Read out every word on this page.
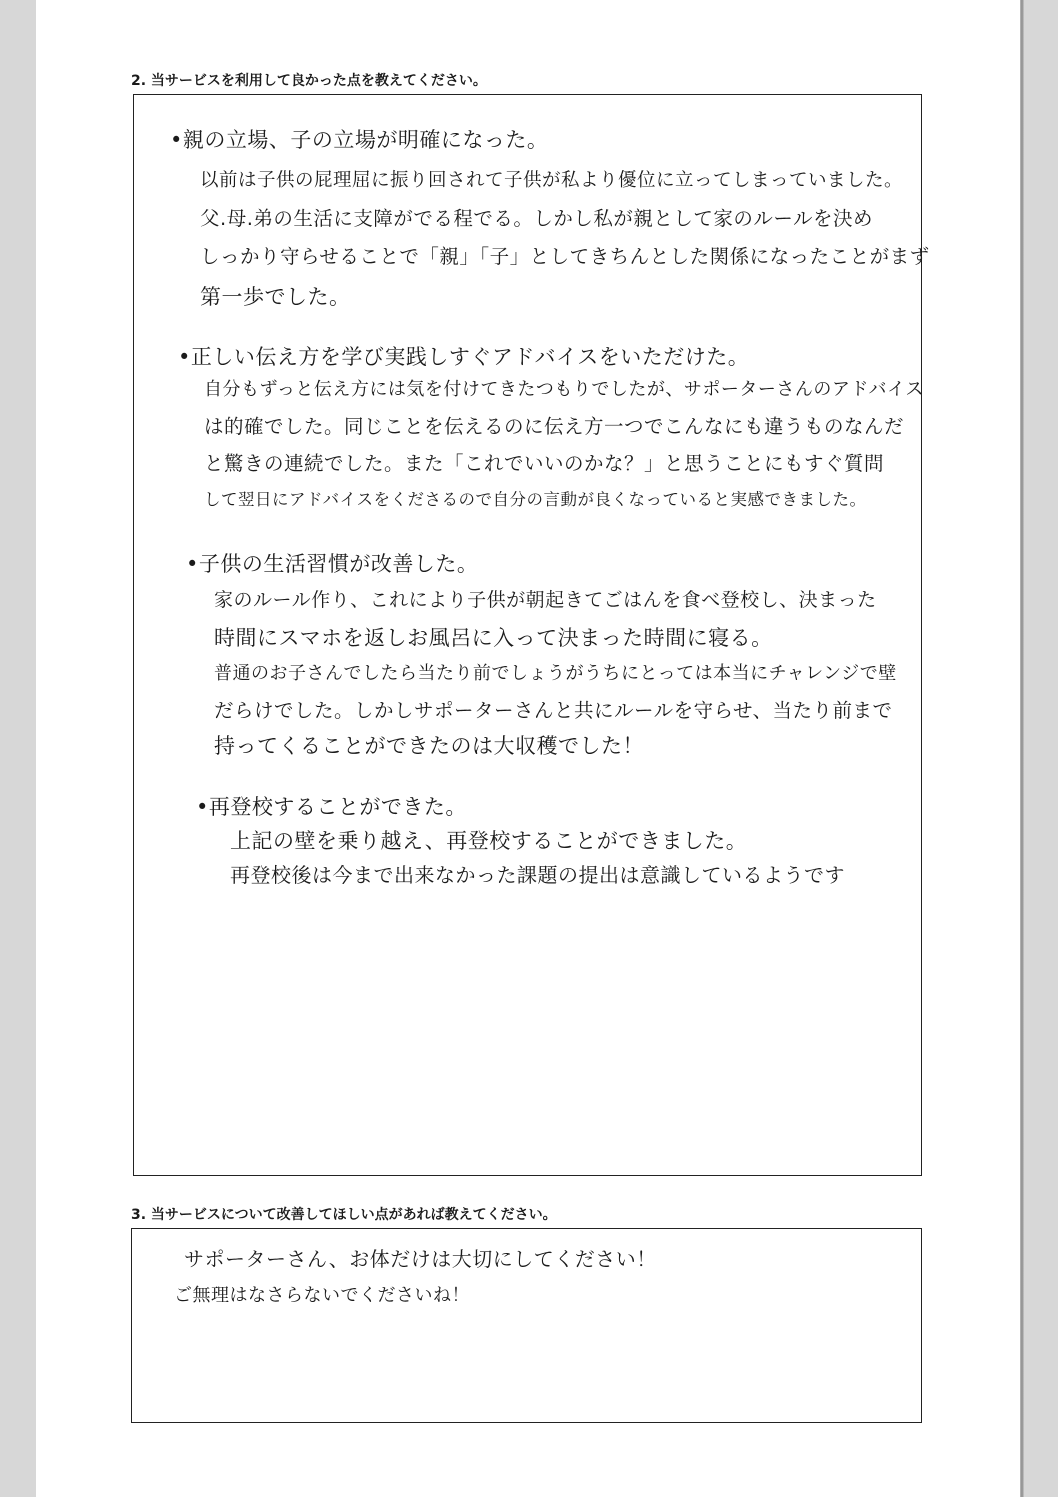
2. 当サービスを利用して良かった点を教えてください。
•親の立場、子の立場が明確になった。
以前は子供の屁理屈に振り回されて子供が私より優位に立ってしまっていました。
父.母.弟の生活に支障がでる程でる。しかし私が親として家のルールを決め
しっかり守らせることで「親」「子」としてきちんとした関係になったことがまず
第一歩でした。
•正しい伝え方を学び実践しすぐアドバイスをいただけた。
自分もずっと伝え方には気を付けてきたつもりでしたが、サポーターさんのアドバイス
は的確でした。同じことを伝えるのに伝え方一つでこんなにも違うものなんだ
と驚きの連続でした。また「これでいいのかな？」と思うことにもすぐ質問
して翌日にアドバイスをくださるので自分の言動が良くなっていると実感できました。
•子供の生活習慣が改善した。
家のルール作り、これにより子供が朝起きてごはんを食べ登校し、決まった
時間にスマホを返しお風呂に入って決まった時間に寝る。
普通のお子さんでしたら当たり前でしょうがうちにとっては本当にチャレンジで壁
だらけでした。しかしサポーターさんと共にルールを守らせ、当たり前まで
持ってくることができたのは大収穫でした！
•再登校することができた。
上記の壁を乗り越え、再登校することができました。
再登校後は今まで出来なかった課題の提出は意識しているようです
3. 当サービスについて改善してほしい点があれば教えてください。
サポーターさん、お体だけは大切にしてください！
ご無理はなさらないでくださいね！
